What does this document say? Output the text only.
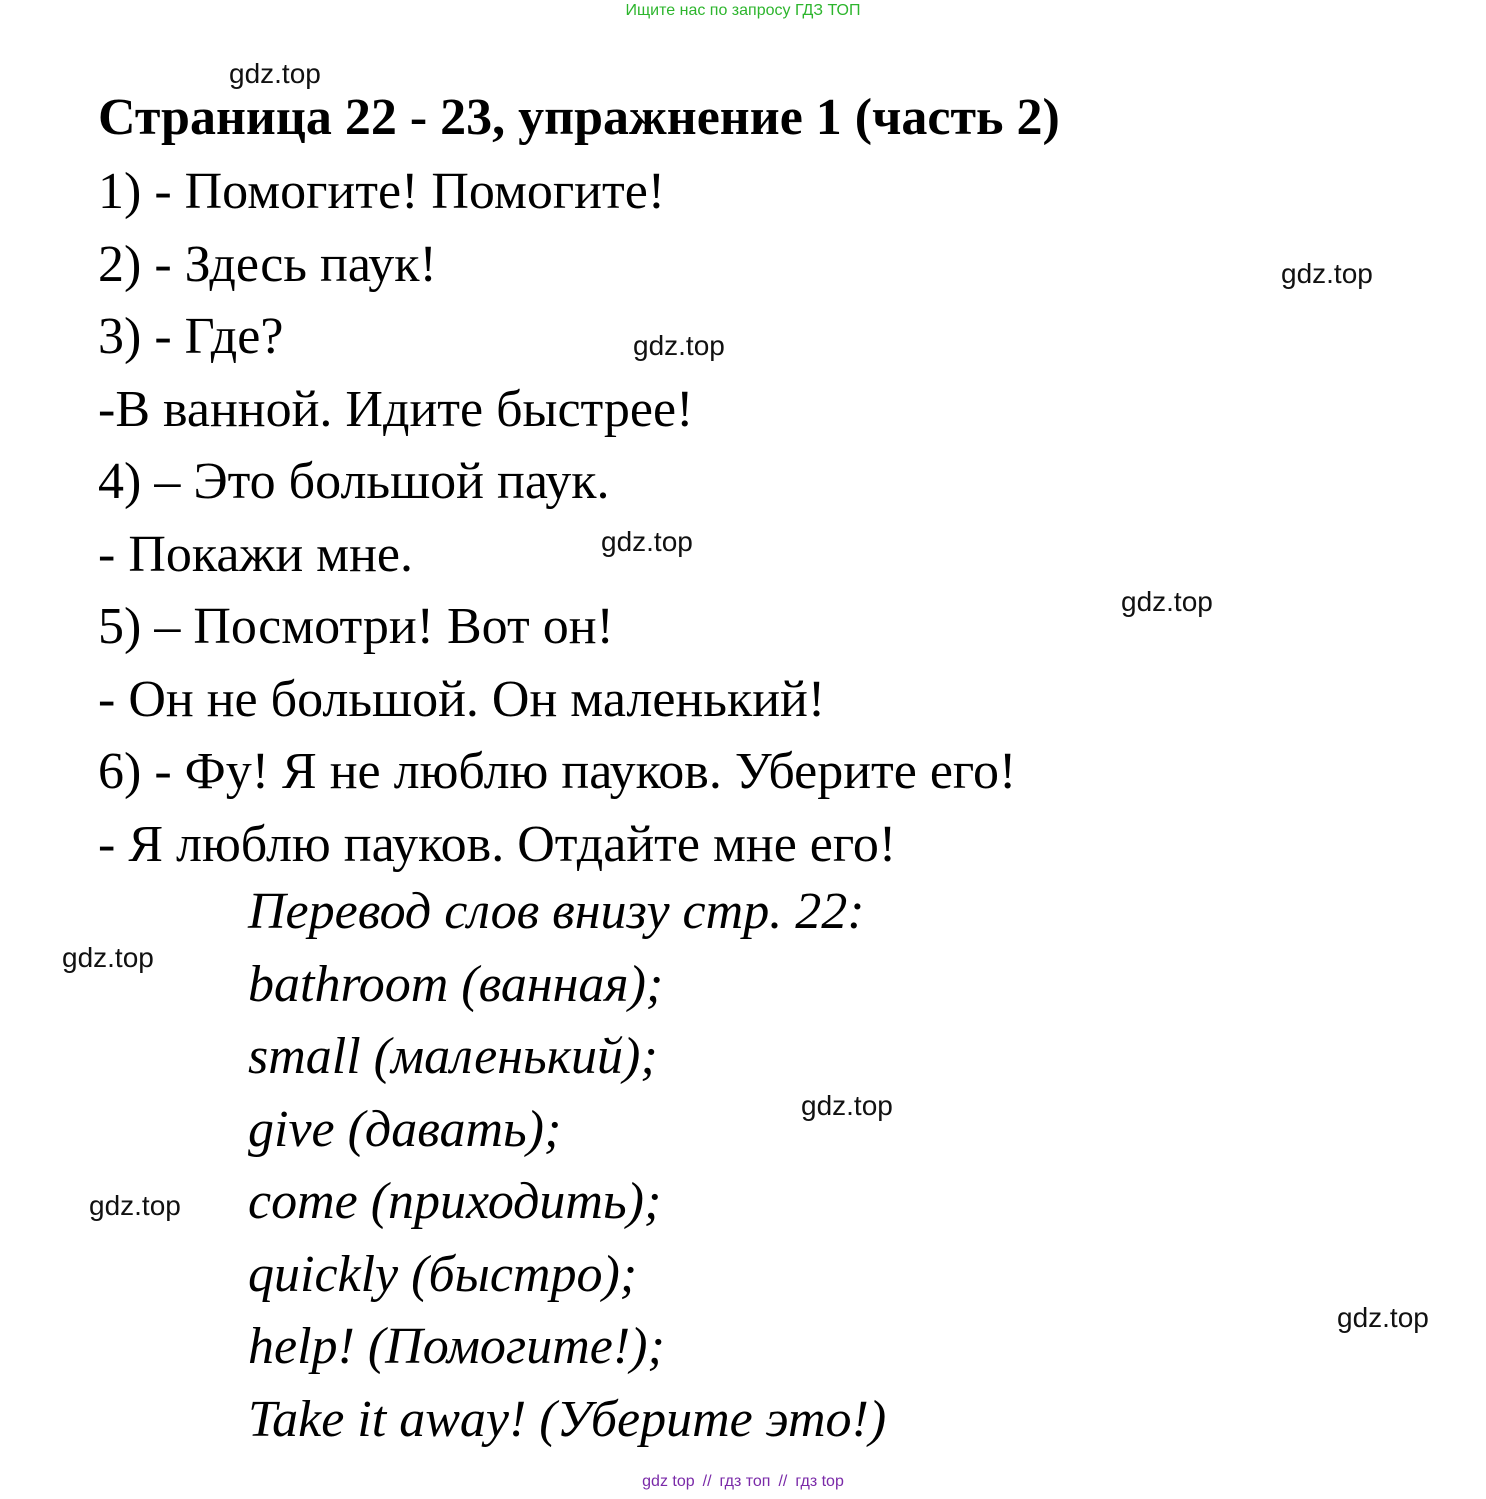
Ищите нас по запросу ГДЗ ТОП
Страница 22 - 23, упражнение 1 (часть 2)
1) - Помогите! Помогите!
2) - Здесь паук!
3) - Где?
-В ванной. Идите быстрее!
4) – Это большой паук.
- Покажи мне.
5) – Посмотри! Вот он!
- Он не большой. Он маленький!
6) - Фу! Я не люблю пауков. Уберите его!
- Я люблю пауков. Отдайте мне его!
Перевод слов внизу стр. 22:
bathroom (ванная);
small (маленький);
give (давать);
come (приходить);
quickly (быстро);
help! (Помогите!);
Take it away! (Уберите это!)
gdz.top
gdz.top
gdz.top
gdz.top
gdz.top
gdz.top
gdz.top
gdz.top
gdz.top
gdz top // гдз топ // гдз top
